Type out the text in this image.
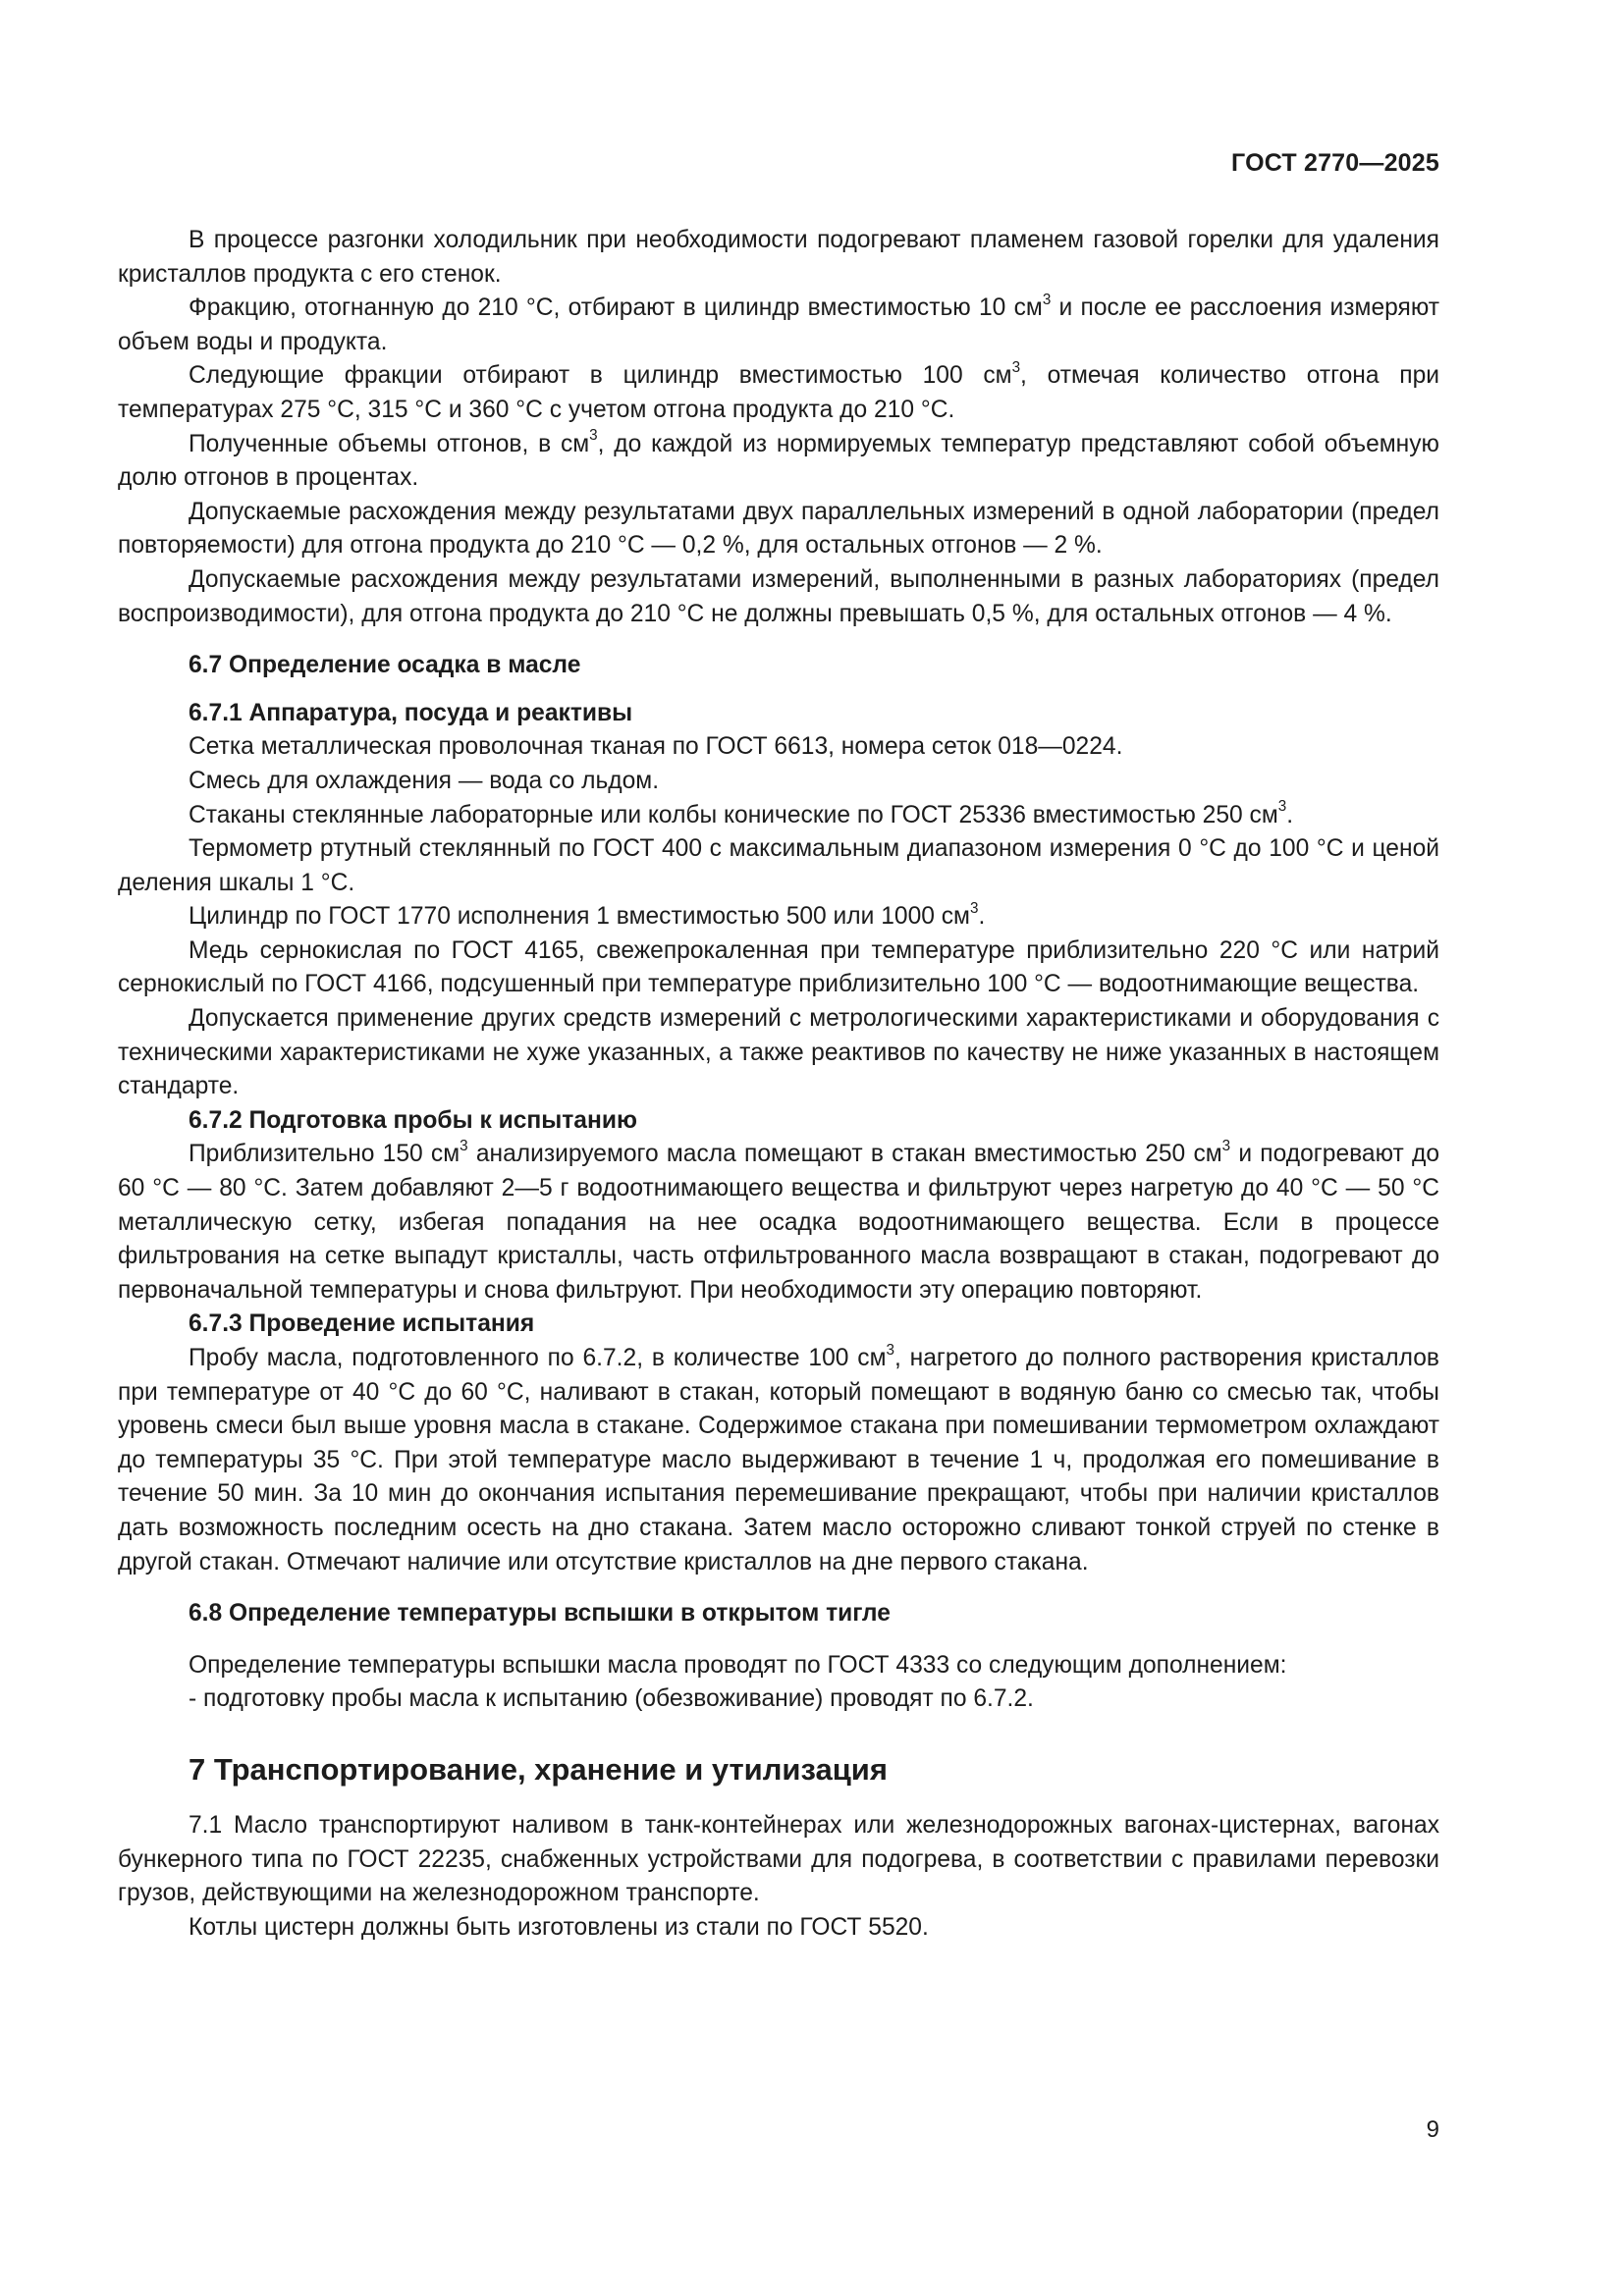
ГОСТ 2770—2025

В процессе разгонки холодильник при необходимости подогревают пламенем газовой горелки для удаления кристаллов продукта с его стенок.

Фракцию, отогнанную до 210 °С, отбирают в цилиндр вместимостью 10 $см^3$ и после ее расслоения измеряют объем воды и продукта.

Следующие фракции отбирают в цилиндр вместимостью 100 $см^3$, отмечая количество отгона при температурах 275 °С, 315 °С и 360 °С с учетом отгона продукта до 210 °С.

Полученные объемы отгонов, в $см^3$, до каждой из нормируемых температур представляют собой объемную долю отгонов в процентах.

Допускаемые расхождения между результатами двух параллельных измерений в одной лаборатории (предел повторяемости) для отгона продукта до 210 °С — 0,2 %, для остальных отгонов — 2 %.

Допускаемые расхождения между результатами измерений, выполненными в разных лабораториях (предел воспроизводимости), для отгона продукта до 210 °С не должны превышать 0,5 %, для остальных отгонов — 4 %.

6.7 Определение осадка в масле

6.7.1 Аппаратура, посуда и реактивы

Сетка металлическая проволочная тканая по ГОСТ 6613, номера сеток 018—0224.

Смесь для охлаждения — вода со льдом.

Стаканы стеклянные лабораторные или колбы конические по ГОСТ 25336 вместимостью 250 $см^3$.

Термометр ртутный стеклянный по ГОСТ 400 с максимальным диапазоном измерения 0 °С до 100 °С и ценой деления шкалы 1 °С.

Цилиндр по ГОСТ 1770 исполнения 1 вместимостью 500 или 1000 $см^3$.

Медь сернокислая по ГОСТ 4165, свежепрокаленная при температуре приблизительно 220 °С или натрий сернокислый по ГОСТ 4166, подсушенный при температуре приблизительно 100 °С — водоотнимающие вещества.

Допускается применение других средств измерений с метрологическими характеристиками и оборудования с техническими характеристиками не хуже указанных, а также реактивов по качеству не ниже указанных в настоящем стандарте.

6.7.2 Подготовка пробы к испытанию

Приблизительно 150 $см^3$ анализируемого масла помещают в стакан вместимостью 250 $см^3$ и подогревают до 60 °С — 80 °С. Затем добавляют 2—5 г водоотнимающего вещества и фильтруют через нагретую до 40 °С — 50 °С металлическую сетку, избегая попадания на нее осадка водоотнимающего вещества. Если в процессе фильтрования на сетке выпадут кристаллы, часть отфильтрованного масла возвращают в стакан, подогревают до первоначальной температуры и снова фильтруют. При необходимости эту операцию повторяют.

6.7.3 Проведение испытания

Пробу масла, подготовленного по 6.7.2, в количестве 100 $см^3$, нагретого до полного растворения кристаллов при температуре от 40 °С до 60 °С, наливают в стакан, который помещают в водяную баню со смесью так, чтобы уровень смеси был выше уровня масла в стакане. Содержимое стакана при помешивании термометром охлаждают до температуры 35 °С. При этой температуре масло выдерживают в течение 1 ч, продолжая его помешивание в течение 50 мин. За 10 мин до окончания испытания перемешивание прекращают, чтобы при наличии кристаллов дать возможность последним осесть на дно стакана. Затем масло осторожно сливают тонкой струей по стенке в другой стакан. Отмечают наличие или отсутствие кристаллов на дне первого стакана.

6.8 Определение температуры вспышки в открытом тигле

Определение температуры вспышки масла проводят по ГОСТ 4333 со следующим дополнением:

- подготовку пробы масла к испытанию (обезвоживание) проводят по 6.7.2.

7 Транспортирование, хранение и утилизация

7.1 Масло транспортируют наливом в танк-контейнерах или железнодорожных вагонах-цистернах, вагонах бункерного типа по ГОСТ 22235, снабженных устройствами для подогрева, в соответствии с правилами перевозки грузов, действующими на железнодорожном транспорте.

Котлы цистерн должны быть изготовлены из стали по ГОСТ 5520.

9
